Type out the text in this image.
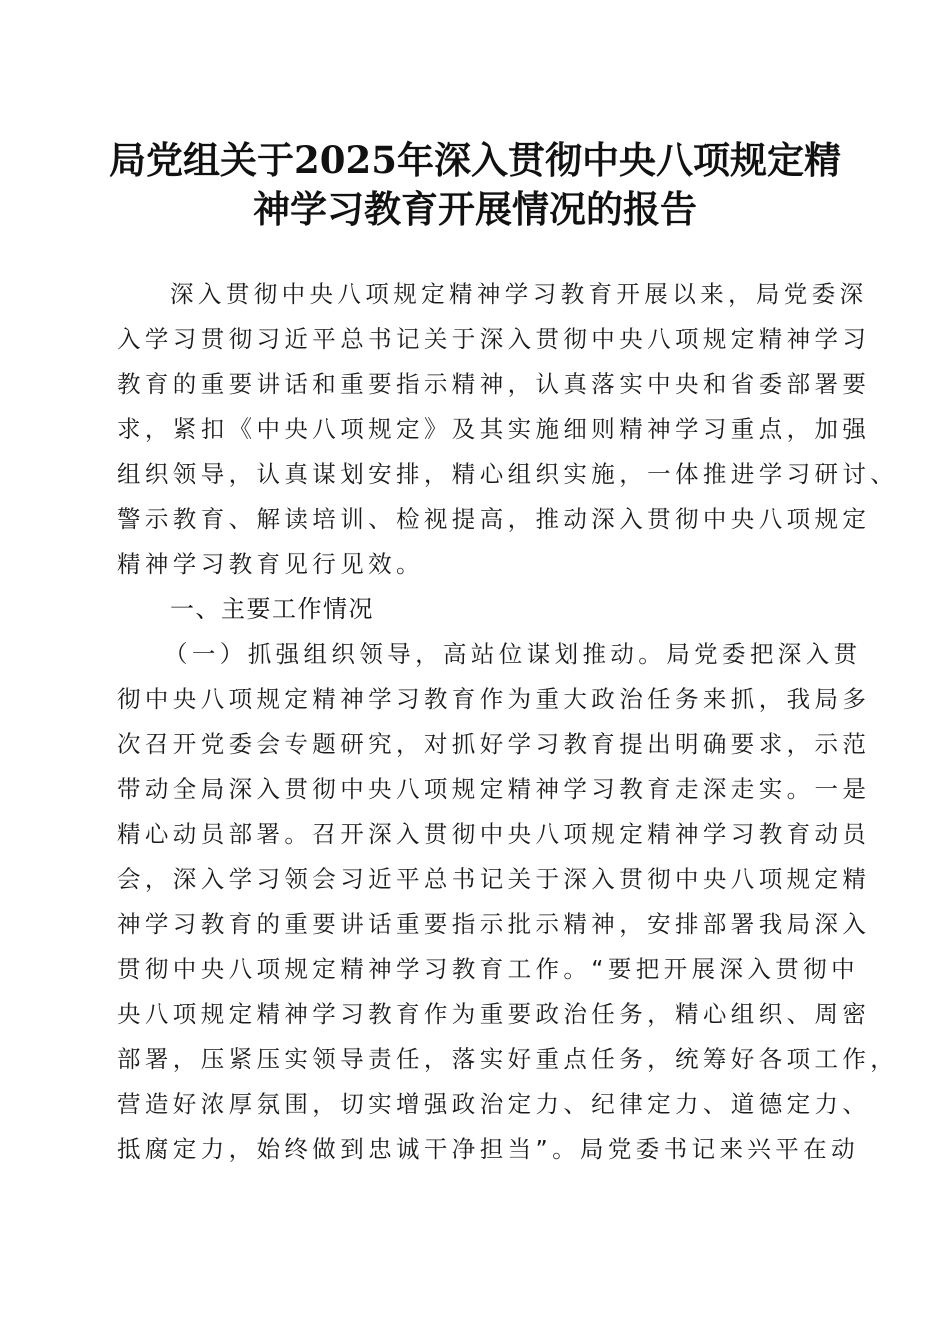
局党组关于2025年深入贯彻中央八项规定精
神学习教育开展情况的报告
深入贯彻中央八项规定精神学习教育开展以来，局党委深
入学习贯彻习近平总书记关于深入贯彻中央八项规定精神学习
教育的重要讲话和重要指示精神，认真落实中央和省委部署要
求，紧扣《中央八项规定》及其实施细则精神学习重点，加强
组织领导，认真谋划安排，精心组织实施，一体推进学习研讨、
警示教育、解读培训、检视提高，推动深入贯彻中央八项规定
精神学习教育见行见效。
一、主要工作情况
（一）抓强组织领导，高站位谋划推动。局党委把深入贯
彻中央八项规定精神学习教育作为重大政治任务来抓，我局多
次召开党委会专题研究，对抓好学习教育提出明确要求，示范
带动全局深入贯彻中央八项规定精神学习教育走深走实。一是
精心动员部署。召开深入贯彻中央八项规定精神学习教育动员
会，深入学习领会习近平总书记关于深入贯彻中央八项规定精
神学习教育的重要讲话重要指示批示精神，安排部署我局深入
贯彻中央八项规定精神学习教育工作。“要把开展深入贯彻中
央八项规定精神学习教育作为重要政治任务，精心组织、周密
部署，压紧压实领导责任，落实好重点任务，统筹好各项工作，
营造好浓厚氛围，切实增强政治定力、纪律定力、道德定力、
抵腐定力，始终做到忠诚干净担当”。局党委书记来兴平在动
